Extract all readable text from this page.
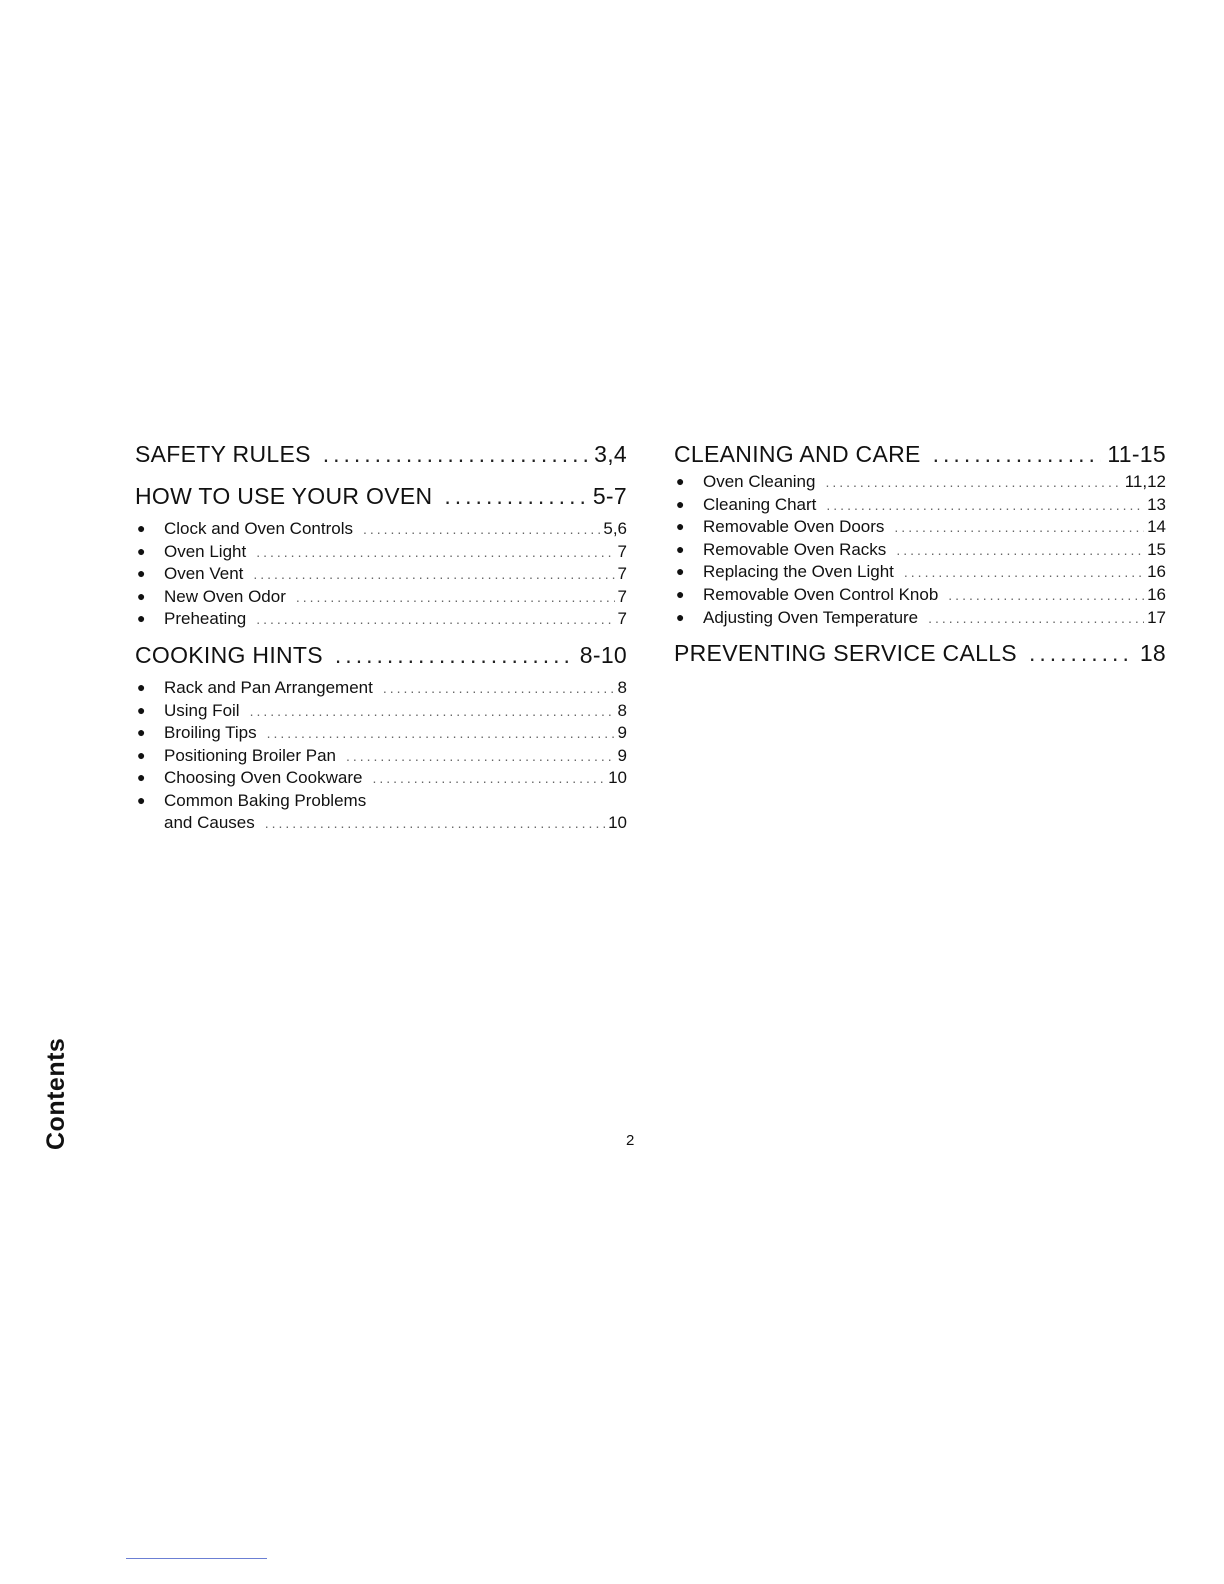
SAFETY RULES .....	3,4
HOW TO USE YOUR OVEN .....	5-7
● Clock and Oven Controls .....	5,6
● Oven Light .....	7
● Oven Vent .....	7
● New Oven Odor .....	7
● Preheating .....	7
COOKING HINTS .....	8-10
● Rack and Pan Arrangement .....	8
● Using Foil .....	8
● Broiling Tips .....	9
● Positioning Broiler Pan .....	9
● Choosing Oven Cookware .....	10
● Common Baking Problems
and Causes .....	10
CLEANING AND CARE .....	11-15
● Oven Cleaning .....	11,12
● Cleaning Chart .....	13
● Removable Oven Doors .....	14
● Removable Oven Racks .....	15
● Replacing the Oven Light .....	16
● Removable Oven Control Knob .....	16
● Adjusting Oven Temperature .....	17
PREVENTING SERVICE CALLS .....	18
Contents	2
